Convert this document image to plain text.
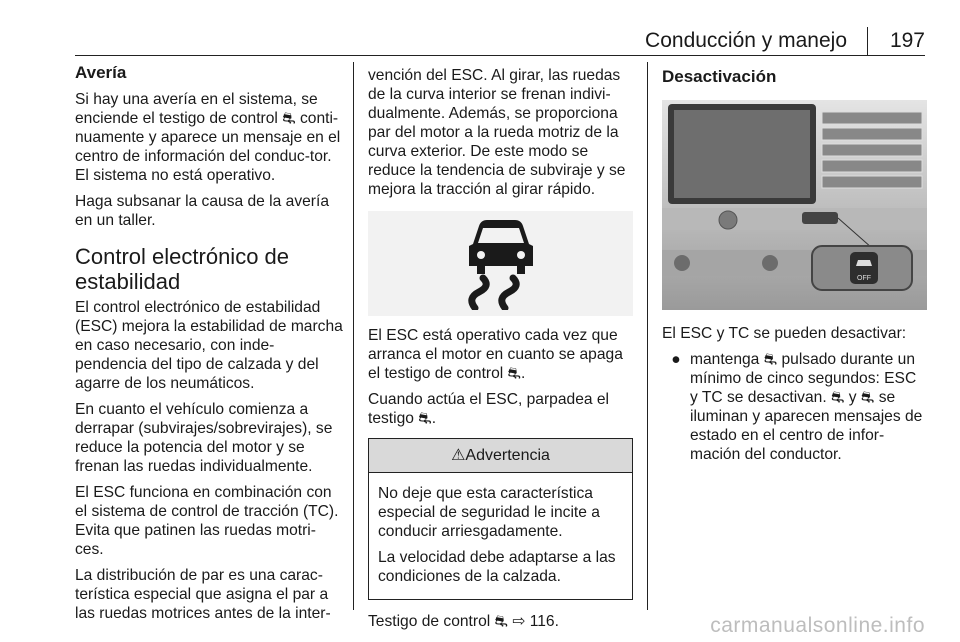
Conducción y manejo 197
Avería

Si hay una avería en el sistema, se enciende el testigo de control ⛐ conti-nuamente y aparece un mensaje en el centro de información del conduc-tor. El sistema no está operativo.

Haga subsanar la causa de la avería en un taller.

Control electrónico de estabilidad

El control electrónico de estabilidad (ESC) mejora la estabilidad de marcha en caso necesario, con inde-pendencia del tipo de calzada y del agarre de los neumáticos.

En cuanto el vehículo comienza a derrapar (subvirajes/sobrevirajes), se reduce la potencia del motor y se frenan las ruedas individualmente.

El ESC funciona en combinación con el sistema de control de tracción (TC). Evita que patinen las ruedas motri-ces.

La distribución de par es una carac-terística especial que asigna el par a las ruedas motrices antes de la inter-

vención del ESC. Al girar, las ruedas de la curva interior se frenan indivi-dualmente. Además, se proporciona par del motor a la rueda motriz de la curva exterior. De este modo se reduce la tendencia de subviraje y se mejora la tracción al girar rápido.

El ESC está operativo cada vez que arranca el motor en cuanto se apaga el testigo de control ⛐.

Cuando actúa el ESC, parpadea el testigo ⛐.

⚠Advertencia

No deje que esta característica especial de seguridad le incite a conducir arriesgadamente.

La velocidad debe adaptarse a las condiciones de la calzada.

Testigo de control ⛐ ⇨ 116.

Desactivación
OFF

El ESC y TC se pueden desactivar:

● mantenga ⛐ pulsado durante un mínimo de cinco segundos: ESC y TC se desactivan. ⛐ y ⛐ se iluminan y aparecen mensajes de estado en el centro de infor-mación del conductor.
carmanualsonline.info
